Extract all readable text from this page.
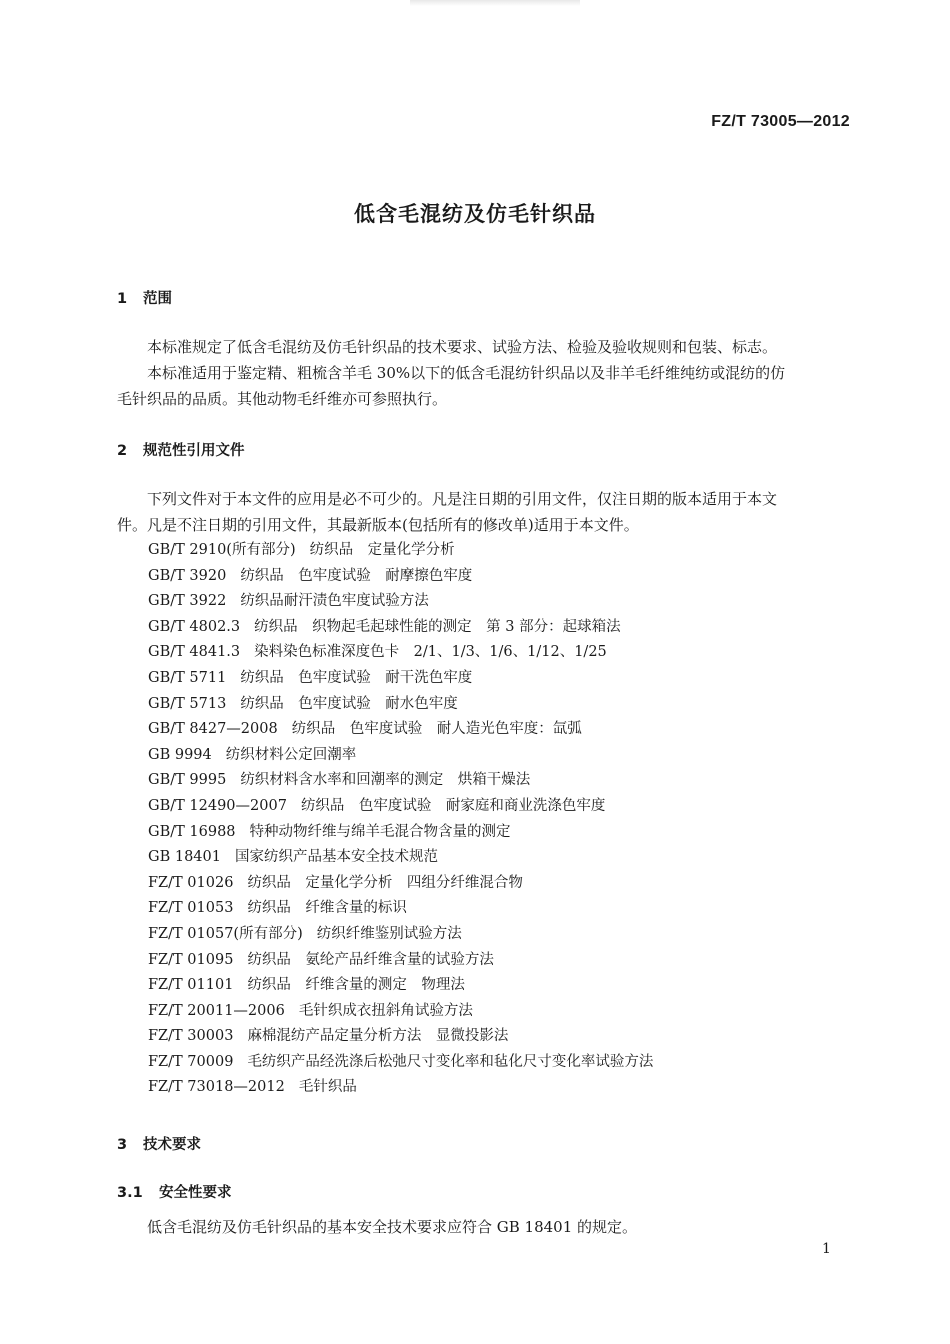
FZ/T 73005—2012
低含毛混纺及仿毛针织品
1 范围
本标准规定了低含毛混纺及仿毛针织品的技术要求、试验方法、检验及验收规则和包装、标志。
本标准适用于鉴定精、粗梳含羊毛 30%以下的低含毛混纺针织品以及非羊毛纤维纯纺或混纺的仿
毛针织品的品质。其他动物毛纤维亦可参照执行。
2 规范性引用文件
下列文件对于本文件的应用是必不可少的。凡是注日期的引用文件，仅注日期的版本适用于本文
件。凡是不注日期的引用文件，其最新版本(包括所有的修改单)适用于本文件。
GB/T 2910(所有部分) 纺织品　定量化学分析
GB/T 3920 纺织品　色牢度试验　耐摩擦色牢度
GB/T 3922 纺织品耐汗渍色牢度试验方法
GB/T 4802.3 纺织品　织物起毛起球性能的测定　第 3 部分：起球箱法
GB/T 4841.3 染料染色标准深度色卡　2/1、1/3、1/6、1/12、1/25
GB/T 5711 纺织品　色牢度试验　耐干洗色牢度
GB/T 5713 纺织品　色牢度试验　耐水色牢度
GB/T 8427—2008 纺织品　色牢度试验　耐人造光色牢度：氙弧
GB 9994 纺织材料公定回潮率
GB/T 9995 纺织材料含水率和回潮率的测定　烘箱干燥法
GB/T 12490—2007 纺织品　色牢度试验　耐家庭和商业洗涤色牢度
GB/T 16988 特种动物纤维与绵羊毛混合物含量的测定
GB 18401 国家纺织产品基本安全技术规范
FZ/T 01026 纺织品　定量化学分析　四组分纤维混合物
FZ/T 01053 纺织品　纤维含量的标识
FZ/T 01057(所有部分) 纺织纤维鉴别试验方法
FZ/T 01095 纺织品　氨纶产品纤维含量的试验方法
FZ/T 01101 纺织品　纤维含量的测定　物理法
FZ/T 20011—2006 毛针织成衣扭斜角试验方法
FZ/T 30003 麻棉混纺产品定量分析方法　显微投影法
FZ/T 70009 毛纺织产品经洗涤后松弛尺寸变化率和毡化尺寸变化率试验方法
FZ/T 73018—2012 毛针织品
3 技术要求
3.1 安全性要求
低含毛混纺及仿毛针织品的基本安全技术要求应符合 GB 18401 的规定。
1
